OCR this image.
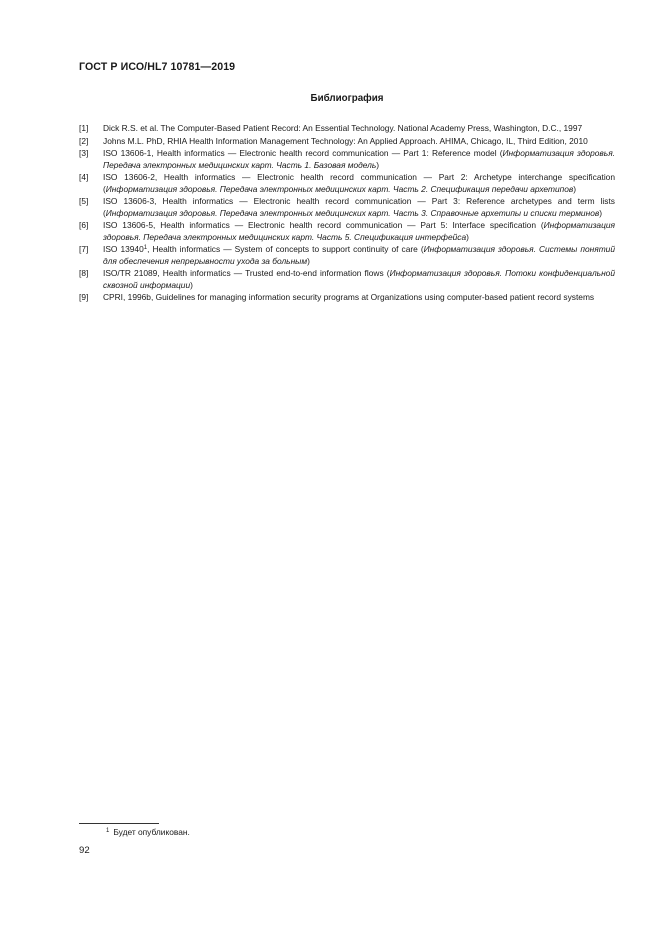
ГОСТ Р ИСО/HL7 10781—2019
Библиография
[1]	Dick R.S. et al. The Computer-Based Patient Record: An Essential Technology. National Academy Press, Washington, D.C., 1997
[2]	Johns M.L. PhD, RHIA Health Information Management Technology: An Applied Approach. AHIMA, Chicago, IL, Third Edition, 2010
[3]	ISO 13606-1, Health informatics — Electronic health record communication — Part 1: Reference model (Информатизация здоровья. Передача электронных медицинских карт. Часть 1. Базовая модель)
[4]	ISO 13606-2, Health informatics — Electronic health record communication — Part 2: Archetype interchange specification (Информатизация здоровья. Передача электронных медицинских карт. Часть 2. Спецификация передачи архетипов)
[5]	ISO 13606-3, Health informatics — Electronic health record communication — Part 3: Reference archetypes and term lists (Информатизация здоровья. Передача электронных медицинских карт. Часть 3. Справочные архетипы и списки терминов)
[6]	ISO 13606-5, Health informatics — Electronic health record communication — Part 5: Interface specification (Информатизация здоровья. Передача электронных медицинских карт. Часть 5. Спецификация интерфейса)
[7]	ISO 13940$^1$, Health informatics — System of concepts to support continuity of care (Информатизация здоровья. Системы понятий для обеспечения непрерывности ухода за больным)
[8]	ISO/TR 21089, Health informatics — Trusted end-to-end information flows (Информатизация здоровья. Потоки конфиденциальной сквозной информации)
[9]	CPRI, 1996b, Guidelines for managing information security programs at Organizations using computer-based patient record systems
$^1$ Будет опубликован.
92
